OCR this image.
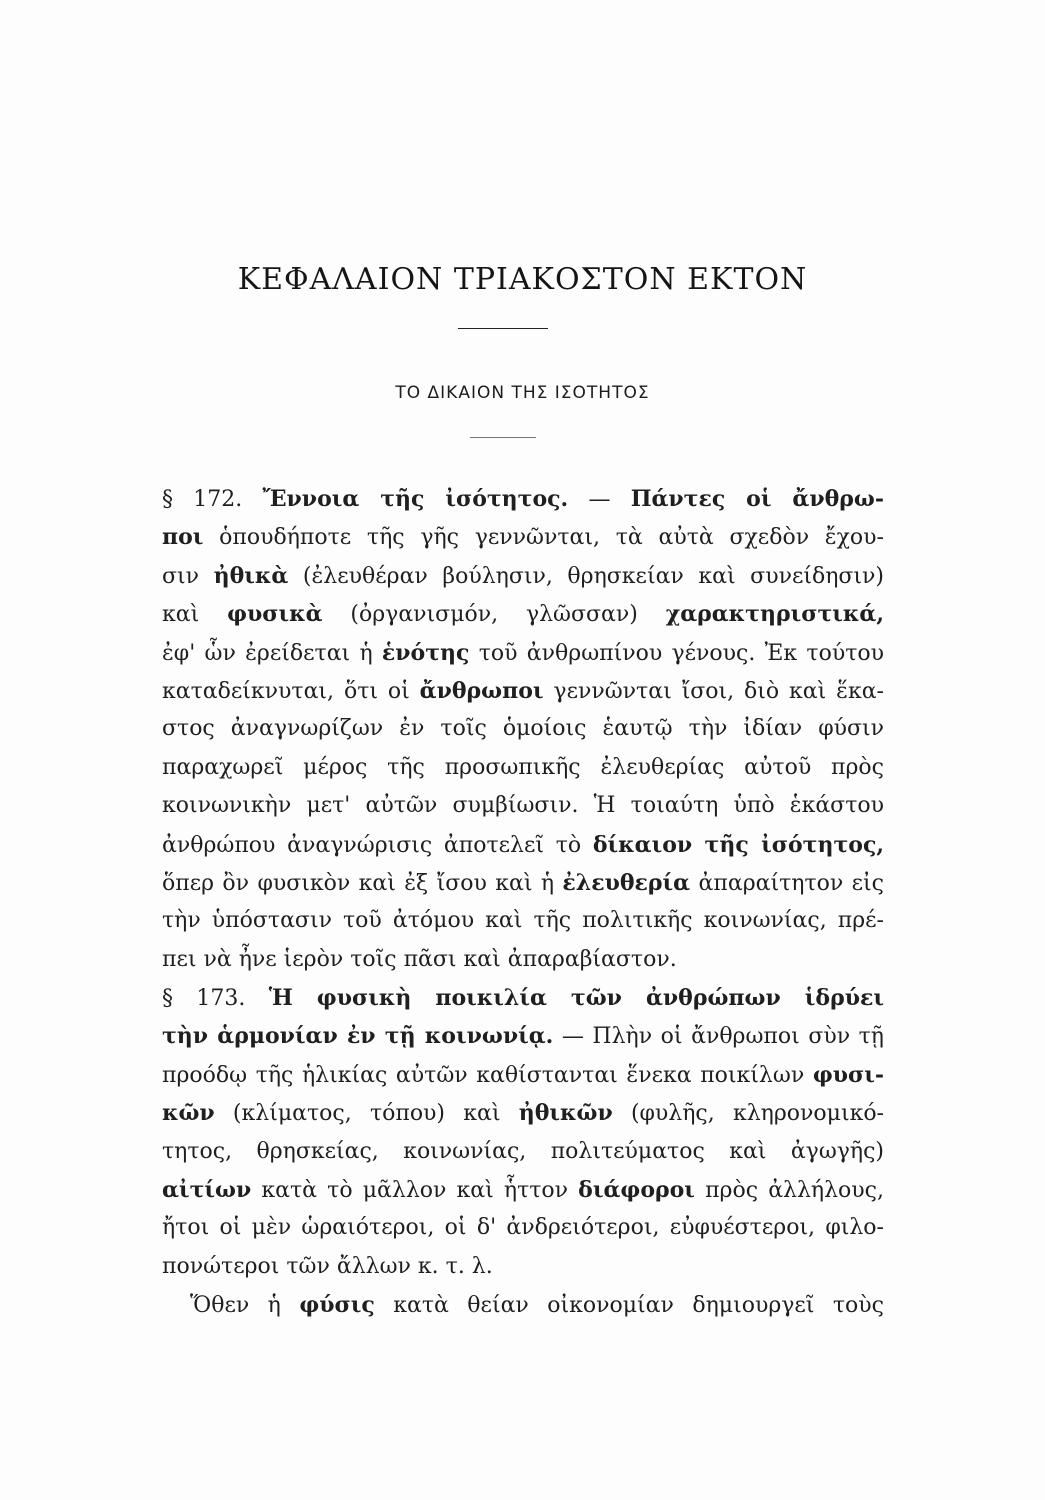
ΚΕΦΑΛΑΙΟΝ ΤΡΙΑΚΟΣΤΟΝ ΕΚΤΟΝ
ΤΟ ΔΙΚΑΙΟΝ ΤΗΣ ΙΣΟΤΗΤΟΣ
§ 172. Ἔννοια τῆς ἰσότητος. — Πάντες οἱ ἄνθρω-
ποι ὁπουδήποτε τῆς γῆς γεννῶνται, τὰ αὐτὰ σχεδὸν ἔχου-
σιν ἠθικὰ (ἐλευθέραν βούλησιν, θρησκείαν καὶ συνείδησιν)
καὶ φυσικὰ (ὀργανισμόν, γλῶσσαν) χαρακτηριστικά,
ἐφ' ὧν ἐρείδεται ἡ ἑνότης τοῦ ἀνθρωπίνου γένους. Ἐκ τούτου
καταδείκνυται, ὅτι οἱ ἄνθρωποι γεννῶνται ἴσοι, διὸ καὶ ἕκα-
στος ἀναγνωρίζων ἐν τοῖς ὁμοίοις ἑαυτῷ τὴν ἰδίαν φύσιν
παραχωρεῖ μέρος τῆς προσωπικῆς ἐλευθερίας αὐτοῦ πρὸς
κοινωνικὴν μετ' αὐτῶν συμβίωσιν. Ἡ τοιαύτη ὑπὸ ἑκάστου
ἀνθρώπου ἀναγνώρισις ἀποτελεῖ τὸ δίκαιον τῆς ἰσότητος,
ὅπερ ὂν φυσικὸν καὶ ἐξ ἴσου καὶ ἡ ἐλευθερία ἀπαραίτητον εἰς
τὴν ὑπόστασιν τοῦ ἀτόμου καὶ τῆς πολιτικῆς κοινωνίας, πρέ-
πει νὰ ἦνε ἱερὸν τοῖς πᾶσι καὶ ἀπαραβίαστον.
§ 173. Ἡ φυσικὴ ποικιλία τῶν ἀνθρώπων ἱδρύει
τὴν ἁρμονίαν ἐν τῇ κοινωνίᾳ. — Πλὴν οἱ ἄνθρωποι σὺν τῇ
προόδῳ τῆς ἡλικίας αὐτῶν καθίστανται ἕνεκα ποικίλων φυσι-
κῶν (κλίματος, τόπου) καὶ ἠθικῶν (φυλῆς, κληρονομικό-
τητος, θρησκείας, κοινωνίας, πολιτεύματος καὶ ἀγωγῆς)
αἰτίων κατὰ τὸ μᾶλλον καὶ ἧττον διάφοροι πρὸς ἀλλήλους,
ἤτοι οἱ μὲν ὡραιότεροι, οἱ δ' ἀνδρειότεροι, εὐφυέστεροι, φιλο-
πονώτεροι τῶν ἄλλων κ. τ. λ.
Ὅθεν ἡ φύσις κατὰ θείαν οἰκονομίαν δημιουργεῖ τοὺς
